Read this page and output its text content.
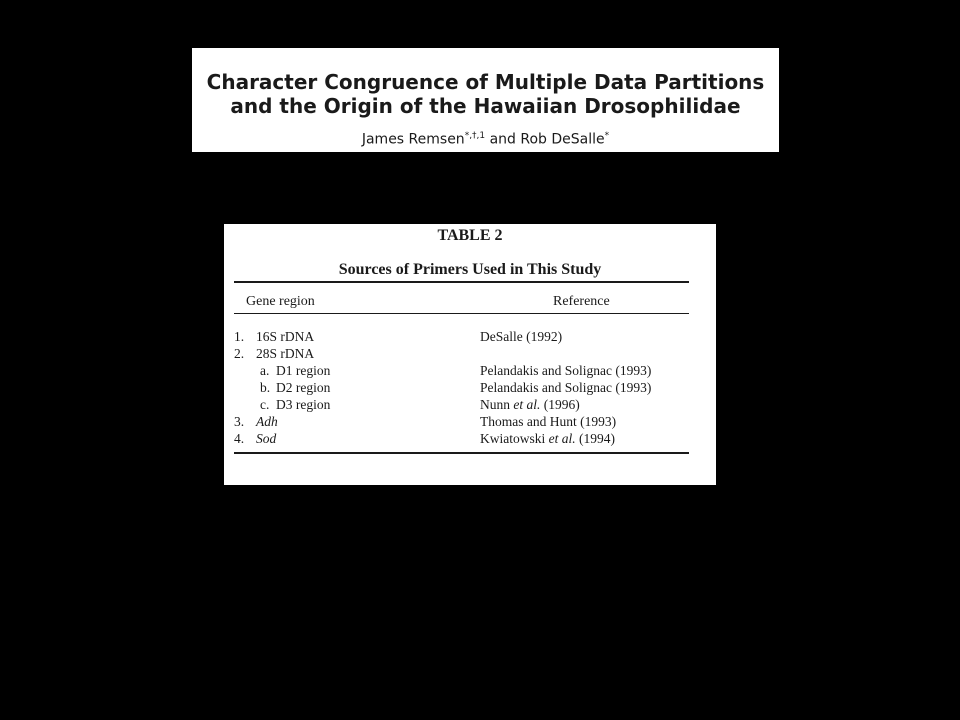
Character Congruence of Multiple Data Partitions
and the Origin of the Hawaiian Drosophilidae
James Remsen$^{*,\dagger,1}$ and Rob DeSalle*
TABLE 2
Sources of Primers Used in This Study
Gene region	Reference
1. 16S rDNA	DeSalle (1992)
2. 28S rDNA
a. D1 region	Pelandakis and Solignac (1993)
b. D2 region	Pelandakis and Solignac (1993)
c. D3 region	Nunn et al. (1996)
3. Adh	Thomas and Hunt (1993)
4. Sod	Kwiatowski et al. (1994)
